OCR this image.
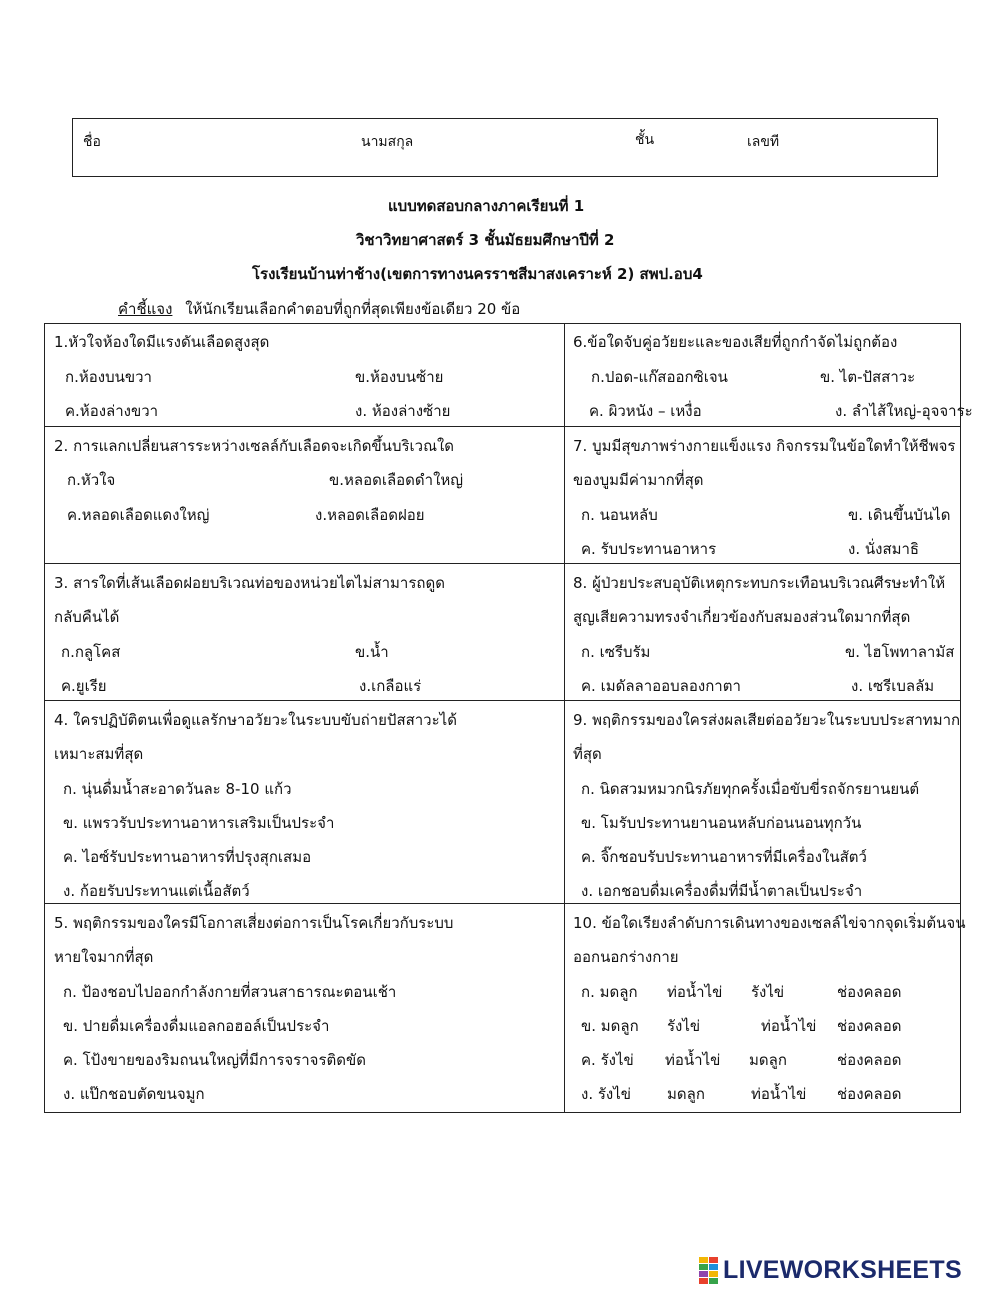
ชื่อ	นามสกุล	ชั้น	เลขที
แบบทดสอบกลางภาคเรียนที่ 1
วิชาวิทยาศาสตร์ 3 ชั้นมัธยมศึกษาปีที่ 2
โรงเรียนบ้านท่าช้าง(เขตการทางนครราชสีมาสงเคราะห์ 2) สพป.อบ4
คำชี้แจง ให้นักเรียนเลือกคำตอบที่ถูกที่สุดเพียงข้อเดียว 20 ข้อ
1.หัวใจห้องใดมีแรงดันเลือดสูงสุด
ก.ห้องบนขวา	ข.ห้องบนซ้าย
ค.ห้องล่างขวา	ง. ห้องล่างซ้าย
6.ข้อใดจับคู่อวัยยะและของเสียที่ถูกกำจัดไม่ถูกต้อง
ก.ปอด-แก๊สออกซิเจน	ข. ไต-ปัสสาวะ
ค. ผิวหนัง – เหงื่อ	ง. ลำไส้ใหญ่-อุจจาระ
2. การแลกเปลี่ยนสารระหว่างเซลล์กับเลือดจะเกิดขึ้นบริเวณใด
ก.หัวใจ	ข.หลอดเลือดดำใหญ่
ค.หลอดเลือดแดงใหญ่	ง.หลอดเลือดฝอย
7. บูมมีสุขภาพร่างกายแข็งแรง กิจกรรมในข้อใดทำให้ชีพจร
ของบูมมีค่ามากที่สุด
ก. นอนหลับ	ข. เดินขึ้นบันได
ค. รับประทานอาหาร	ง. นั่งสมาธิ
3. สารใดที่เส้นเลือดฝอยบริเวณท่อของหน่วยไตไม่สามารถดูด
กลับคืนได้
ก.กลูโคส	ข.น้ำ
ค.ยูเรีย	ง.เกลือแร่
8. ผู้ป่วยประสบอุบัติเหตุกระทบกระเทือนบริเวณศีรษะทำให้
สูญเสียความทรงจำเกี่ยวข้องกับสมองส่วนใดมากที่สุด
ก. เซรีบรัม	ข. ไฮโพทาลามัส
ค. เมดัลลาออบลองกาตา	ง. เซรีเบลลัม
4. ใครปฏิบัติตนเพื่อดูแลรักษาอวัยวะในระบบขับถ่ายปัสสาวะได้
เหมาะสมที่สุด
ก. นุ่นดื่มน้ำสะอาดวันละ 8-10 แก้ว
ข. แพรวรับประทานอาหารเสริมเป็นประจำ
ค. ไอซ์รับประทานอาหารที่ปรุงสุกเสมอ
ง. ก้อยรับประทานแต่เนื้อสัตว์
9. พฤติกรรมของใครส่งผลเสียต่ออวัยวะในระบบประสาทมาก
ที่สุด
ก. นิดสวมหมวกนิรภัยทุกครั้งเมื่อขับขี่รถจักรยานยนต์
ข. โมรับประทานยานอนหลับก่อนนอนทุกวัน
ค. จิ๊กชอบรับประทานอาหารที่มีเครื่องในสัตว์
ง. เอกชอบดื่มเครื่องดื่มที่มีน้ำตาลเป็นประจำ
5. พฤติกรรมของใครมีโอกาสเสี่ยงต่อการเป็นโรคเกี่ยวกับระบบ
หายใจมากที่สุด
ก. ป้องชอบไปออกกำลังกายที่สวนสาธารณะตอนเช้า
ข. ปายดื่มเครื่องดื่มแอลกอฮอล์เป็นประจำ
ค. โป้งขายของริมถนนใหญ่ที่มีการจราจรติดขัด
ง. แป๊กชอบตัดขนจมูก
10. ข้อใดเรียงลำดับการเดินทางของเซลล์ไข่จากจุดเริ่มต้นจน
ออกนอกร่างกาย
ก. มดลูก ท่อน้ำไข่ รังไข่	ช่องคลอด
ข. มดลูก รังไข่	ท่อน้ำไข่ ช่องคลอด
ค. รังไข่ ท่อน้ำไข่ มดลูก	ช่องคลอด
ง. รังไข่ มดลูก	ท่อน้ำไข่ ช่องคลอด
LIVEWORKSHEETS
